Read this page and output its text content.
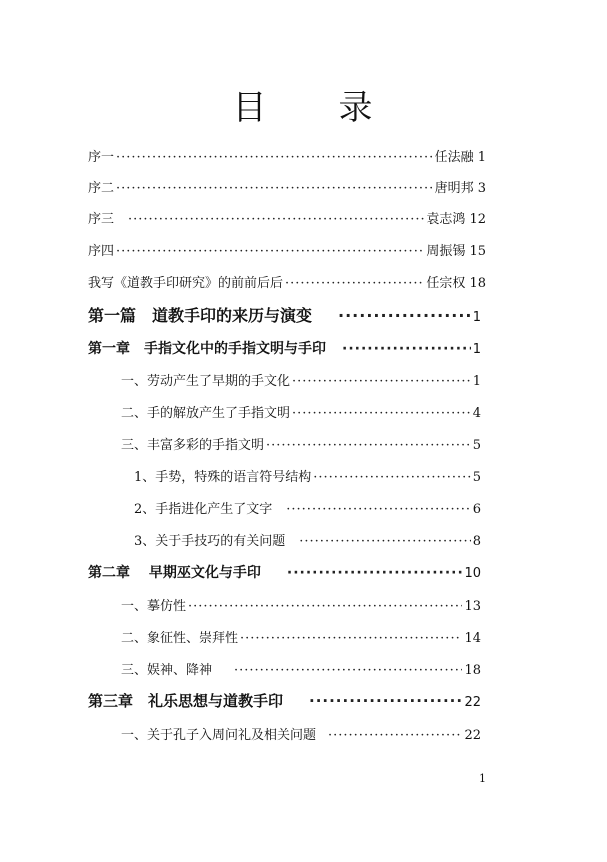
目 录
序一 ·····	任法融 1
序二 ·····	唐明邦 3
序三 ·····	袁志鸿 12
序四 ·····	周振锡 15
我写《道教手印研究》的前前后后 ·····	任宗权 18
第一篇　道教手印的来历与演变 ·····	1
第一章　手指文化中的手指文明与手印 ·····	1
一、劳动产生了早期的手文化 ·····	1
二、手的解放产生了手指文明 ·····	4
三、丰富多彩的手指文明 ·····	5
1、手势，特殊的语言符号结构 ·····	5
2、手指进化产生了文字 ·····	6
3、关于手技巧的有关问题 ·····	8
第二章　 早期巫文化与手印 ·····	10
一、摹仿性 ·····	13
二、象征性、崇拜性 ·····	14
三、娱神、降神 ·····	18
第三章　礼乐思想与道教手印 ·····	22
一、关于孔子入周问礼及相关问题 ·····	22
1
